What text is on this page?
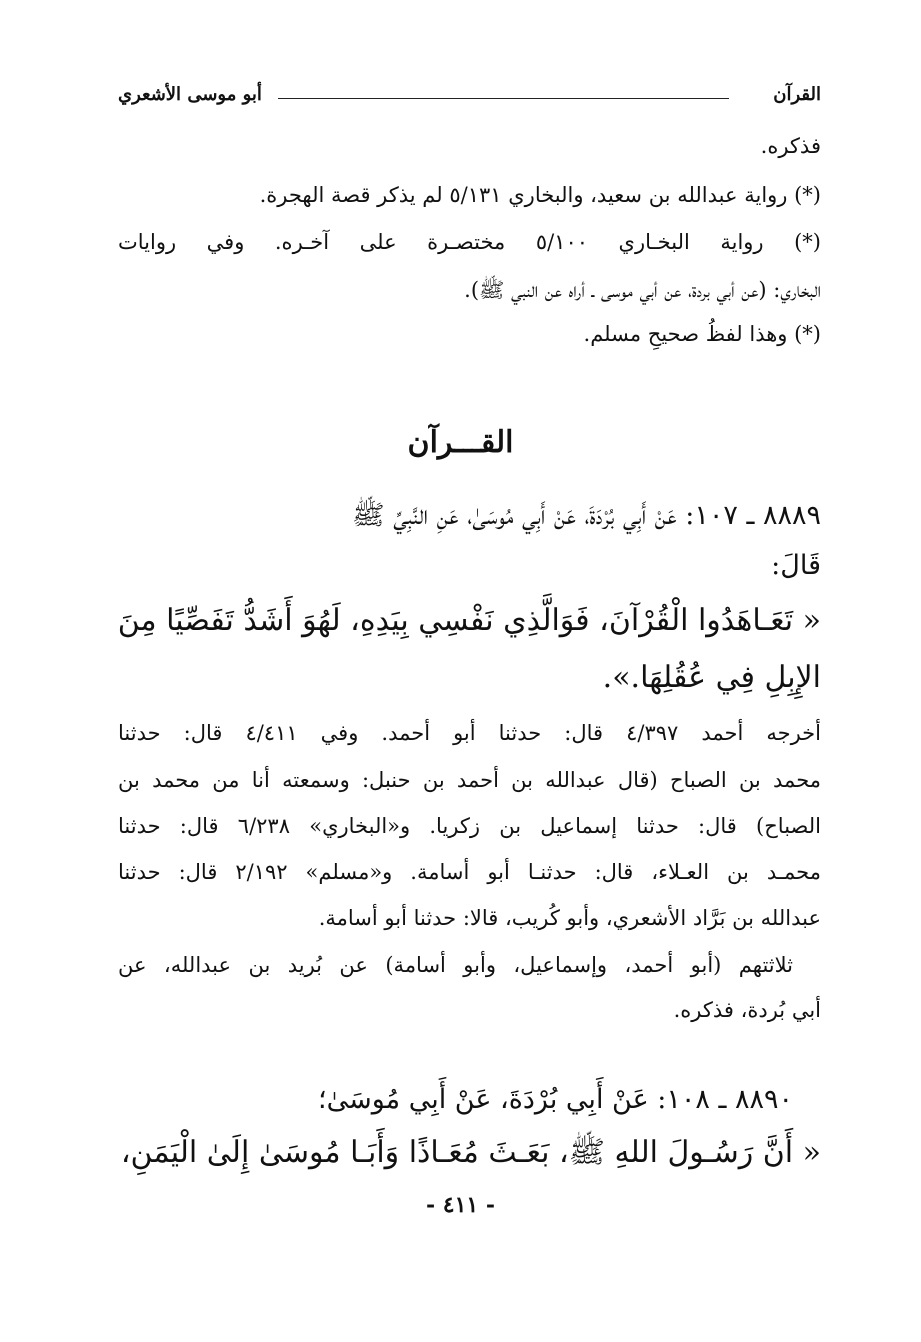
القرآن
أبو موسى الأشعري
فذكره.
(*) رواية عبدالله بن سعيد، والبخاري ٥/١٣١ لم يذكر قصة الهجرة.
(*) رواية البخـاري ٥/١٠٠ مختصـرة على آخـره. وفي روايات
البخاري: (عن أبي بردة، عن أبي موسى ـ أراه عن النبي ﷺ).
(*) وهذا لفظُ صحيحِ مسلم.
القـــرآن
٨٨٨٩ ـ ١٠٧: عَنْ أَبِي بُرْدَةَ، عَنْ أَبِي مُوسَىٰ، عَنِ النَّبِيِّ ﷺ
قَالَ:
« تَعَـاهَدُوا الْقُرْآنَ، فَوَالَّذِي نَفْسِي بِيَدِهِ، لَهُوَ أَشَدُّ تَفَصِّيًا مِنَ
الإِبِلِ فِي عُقُلِهَا.».
أخرجه أحمد ٤/٣٩٧ قال: حدثنا أبو أحمد. وفي ٤/٤١١ قال: حدثنا
محمد بن الصباح (قال عبدالله بن أحمد بن حنبل: وسمعته أنا من محمد بن
الصباح) قال: حدثنا إسماعيل بن زكريا. و«البخاري» ٦/٢٣٨ قال: حدثنا
محمـد بن العـلاء، قال: حدثنـا أبو أسامة. و«مسلم» ٢/١٩٢ قال: حدثنا
عبدالله بن بَرَّاد الأشعري، وأبو كُريب، قالا: حدثنا أبو أسامة.
ثلاثتهم (أبو أحمد، وإسماعيل، وأبو أسامة) عن بُريد بن عبدالله، عن
أبي بُردة، فذكره.
٨٨٩٠ ـ ١٠٨: عَنْ أَبِي بُرْدَةَ، عَنْ أَبِي مُوسَىٰ؛
« أَنَّ رَسُـولَ اللهِ ﷺ، بَعَـثَ مُعَـاذًا وَأَبَـا مُوسَىٰ إِلَىٰ الْيَمَنِ،
- ٤١١ -
